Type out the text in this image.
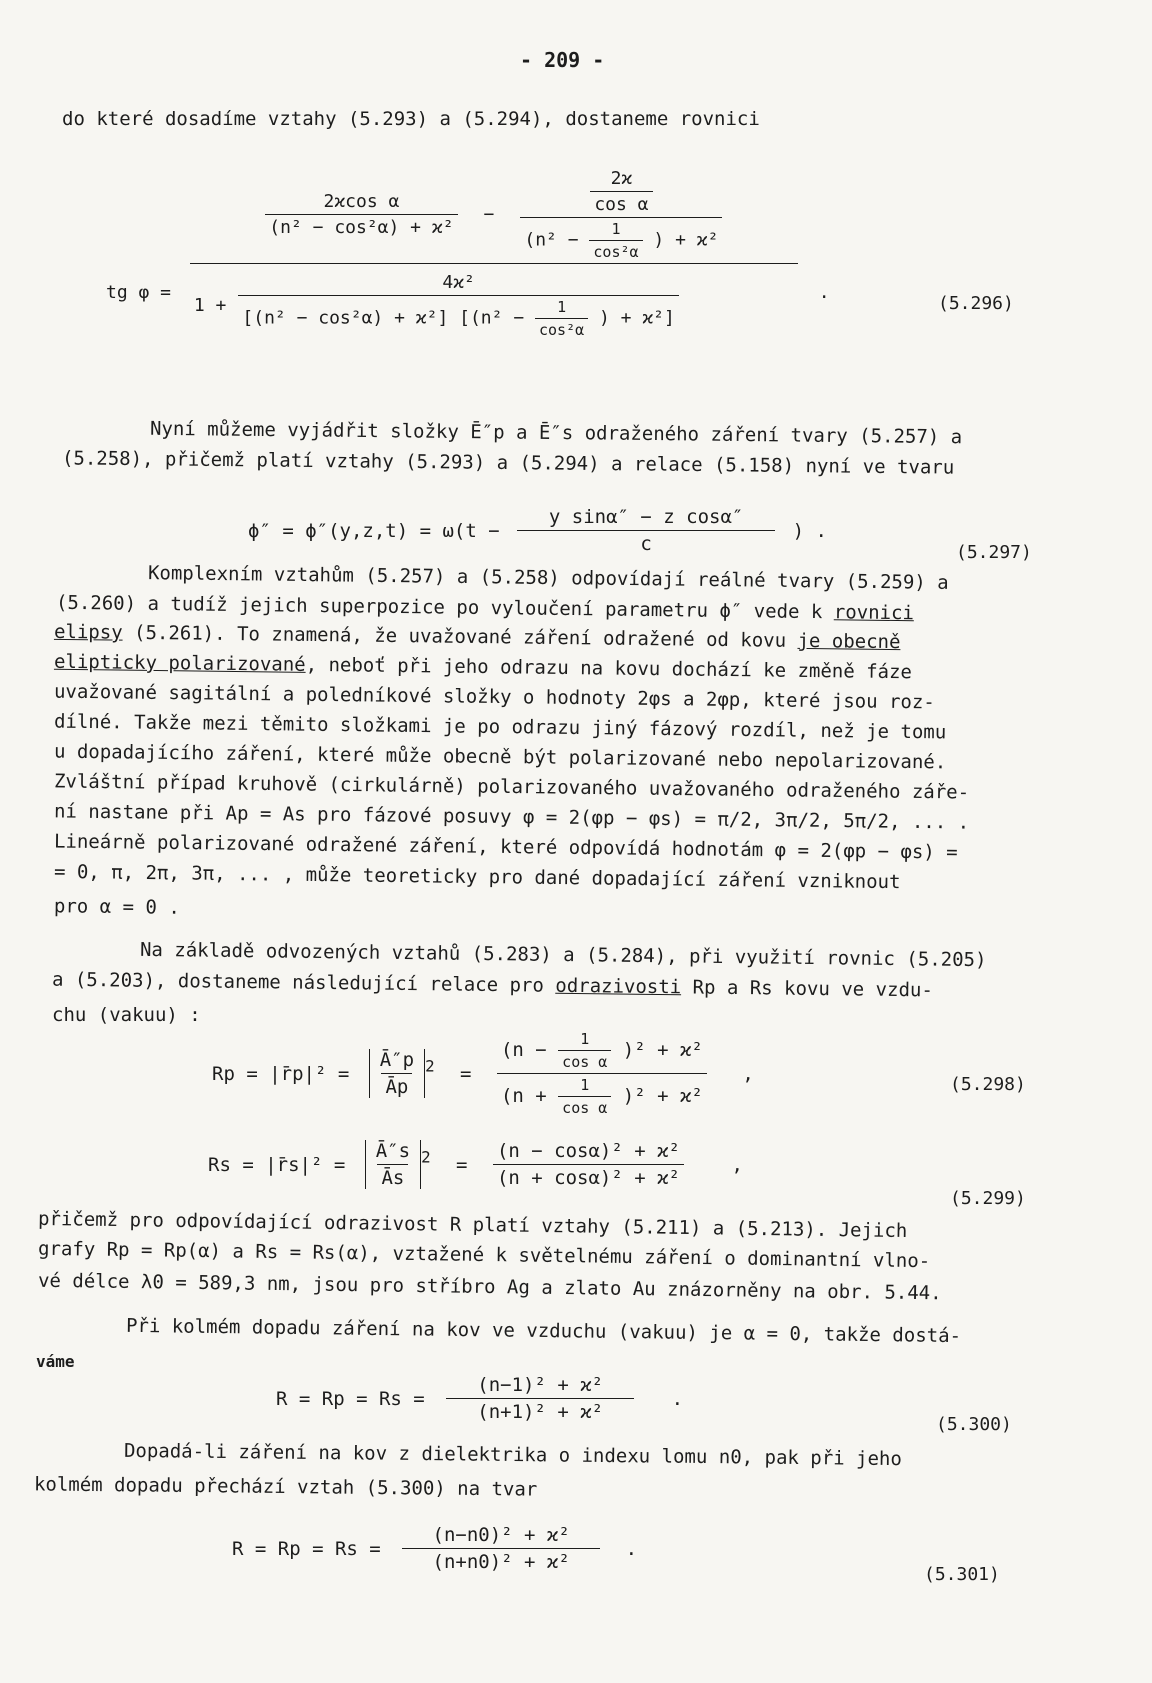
- 209 -
do které dosadíme vztahy (5.293) a (5.294), dostaneme rovnici
tg φ =
$\frac{\text{2ϰcos α}}{\text{(n² − cos²α) + ϰ²}}$ −	$\frac{2ϰ}{\text{cos α}}$
($n^2 - \frac{1}{\text{cos²α}}$ ) + ϰ²
1 +
4ϰ²
[(n² − cos²α) + ϰ²] [($n^2 - \frac{1}{\text{cos²α}}$ ) + ϰ²]
.
(5.296)
Nyní můžeme vyjádřit složky Ē″p a Ē″s odraženého záření tvary (5.257) a
(5.258), přičemž platí vztahy (5.293) a (5.294) a relace (5.158) nyní ve tvaru
$\phi'' = \phi''(y,z,t) = \omega(t - \frac{\text{y sinα″ − z cosα″}}{c}$ ) .
(5.297)
Komplexním vztahům (5.257) a (5.258) odpovídají reálné tvary (5.259) a
(5.260) a tudíž jejich superpozice po vyloučení parametru ϕ″ vede k rovnici
elipsy (5.261). To znamená, že uvažované záření odražené od kovu je obecně
elipticky polarizované, neboť při jeho odrazu na kovu dochází ke změně fáze
uvažované sagitální a poledníkové složky o hodnoty 2φs a 2φp, které jsou roz-
dílné. Takže mezi těmito složkami je po odrazu jiný fázový rozdíl, než je tomu
u dopadajícího záření, které může obecně být polarizované nebo nepolarizované.
Zvláštní případ kruhově (cirkulárně) polarizovaného uvažovaného odraženého záře-
ní nastane při Ap = As pro fázové posuvy φ = 2(φp − φs) = π/2, 3π/2, 5π/2, ... .
Lineárně polarizované odražené záření, které odpovídá hodnotám φ = 2(φp − φs) =
= 0, π, 2π, 3π, ... , může teoreticky pro dané dopadající záření vzniknout
pro α = 0 .
Na základě odvozených vztahů (5.283) a (5.284), při využití rovnic (5.205)
a (5.203), dostaneme následující relace pro odrazivosti Rp a Rs kovu ve vzdu-
chu (vakuu) :
Rp = |r̄p|² = $\frac{Ā''p}{Āp} ^2 = \frac{(n - \frac{1}{\text{cos α}} )^2 + ϰ^2}{(n + \frac{1}{\text{cos α}} )^2 + ϰ^2}$ ,	(5.298)
Rs = |r̄s|² = $\frac{Ā''s}{Ās} ^2 = \frac{\text{(n − cosα)² + ϰ²}}{\text{(n + cosα)² + ϰ²}}$ ,
(5.299)
přičemž pro odpovídající odrazivost R platí vztahy (5.211) a (5.213). Jejich
grafy Rp = Rp(α) a Rs = Rs(α), vztažené k světelnému záření o dominantní vlno-
vé délce λ0 = 589,3 nm, jsou pro stříbro Ag a zlato Au znázorněny na obr. 5.44.
Při kolmém dopadu záření na kov ve vzduchu (vakuu) je α = 0, takže dostá-
váme
$R = Rp = Rs = \frac{\text{(n−1)² + ϰ²}}{\text{(n+1)² + ϰ²}}$ .
(5.300)
Dopadá-li záření na kov z dielektrika o indexu lomu n0, pak při jeho
kolmém dopadu přechází vztah (5.300) na tvar
$R = Rp = Rs = \frac{\text{(n−n0)² + ϰ²}}{\text{(n+n0)² + ϰ²}}$ .
(5.301)
